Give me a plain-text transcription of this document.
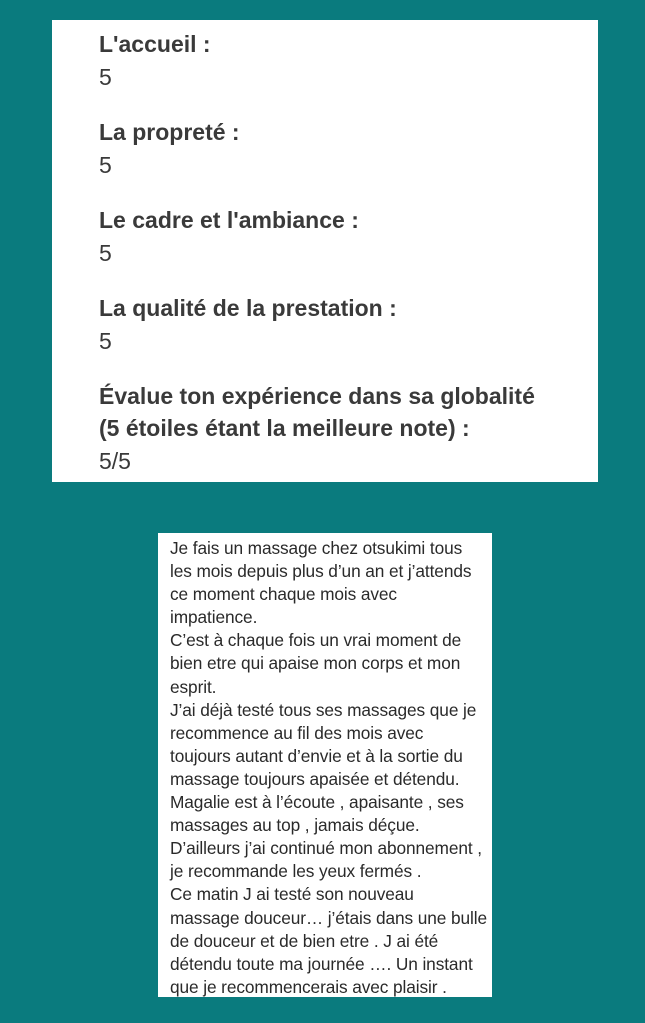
L'accueil :
5
La propreté :
5
Le cadre et l'ambiance :
5
La qualité de la prestation :
5
Évalue ton expérience dans sa globalité
(5 étoiles étant la meilleure note) :
5/5

Je fais un massage chez otsukimi tous
les mois depuis plus d’un an et j’attends
ce moment chaque mois avec
impatience.
C’est à chaque fois un vrai moment de
bien etre qui apaise mon corps et mon
esprit.
J’ai déjà testé tous ses massages que je
recommence au fil des mois avec
toujours autant d’envie et à la sortie du
massage toujours apaisée et détendu.
Magalie est à l’écoute , apaisante , ses
massages au top , jamais déçue.
D’ailleurs j’ai continué mon abonnement ,
je recommande les yeux fermés .
Ce matin J ai testé son nouveau
massage douceur… j’étais dans une bulle
de douceur et de bien etre . J ai été
détendu toute ma journée …. Un instant
que je recommencerais avec plaisir .
